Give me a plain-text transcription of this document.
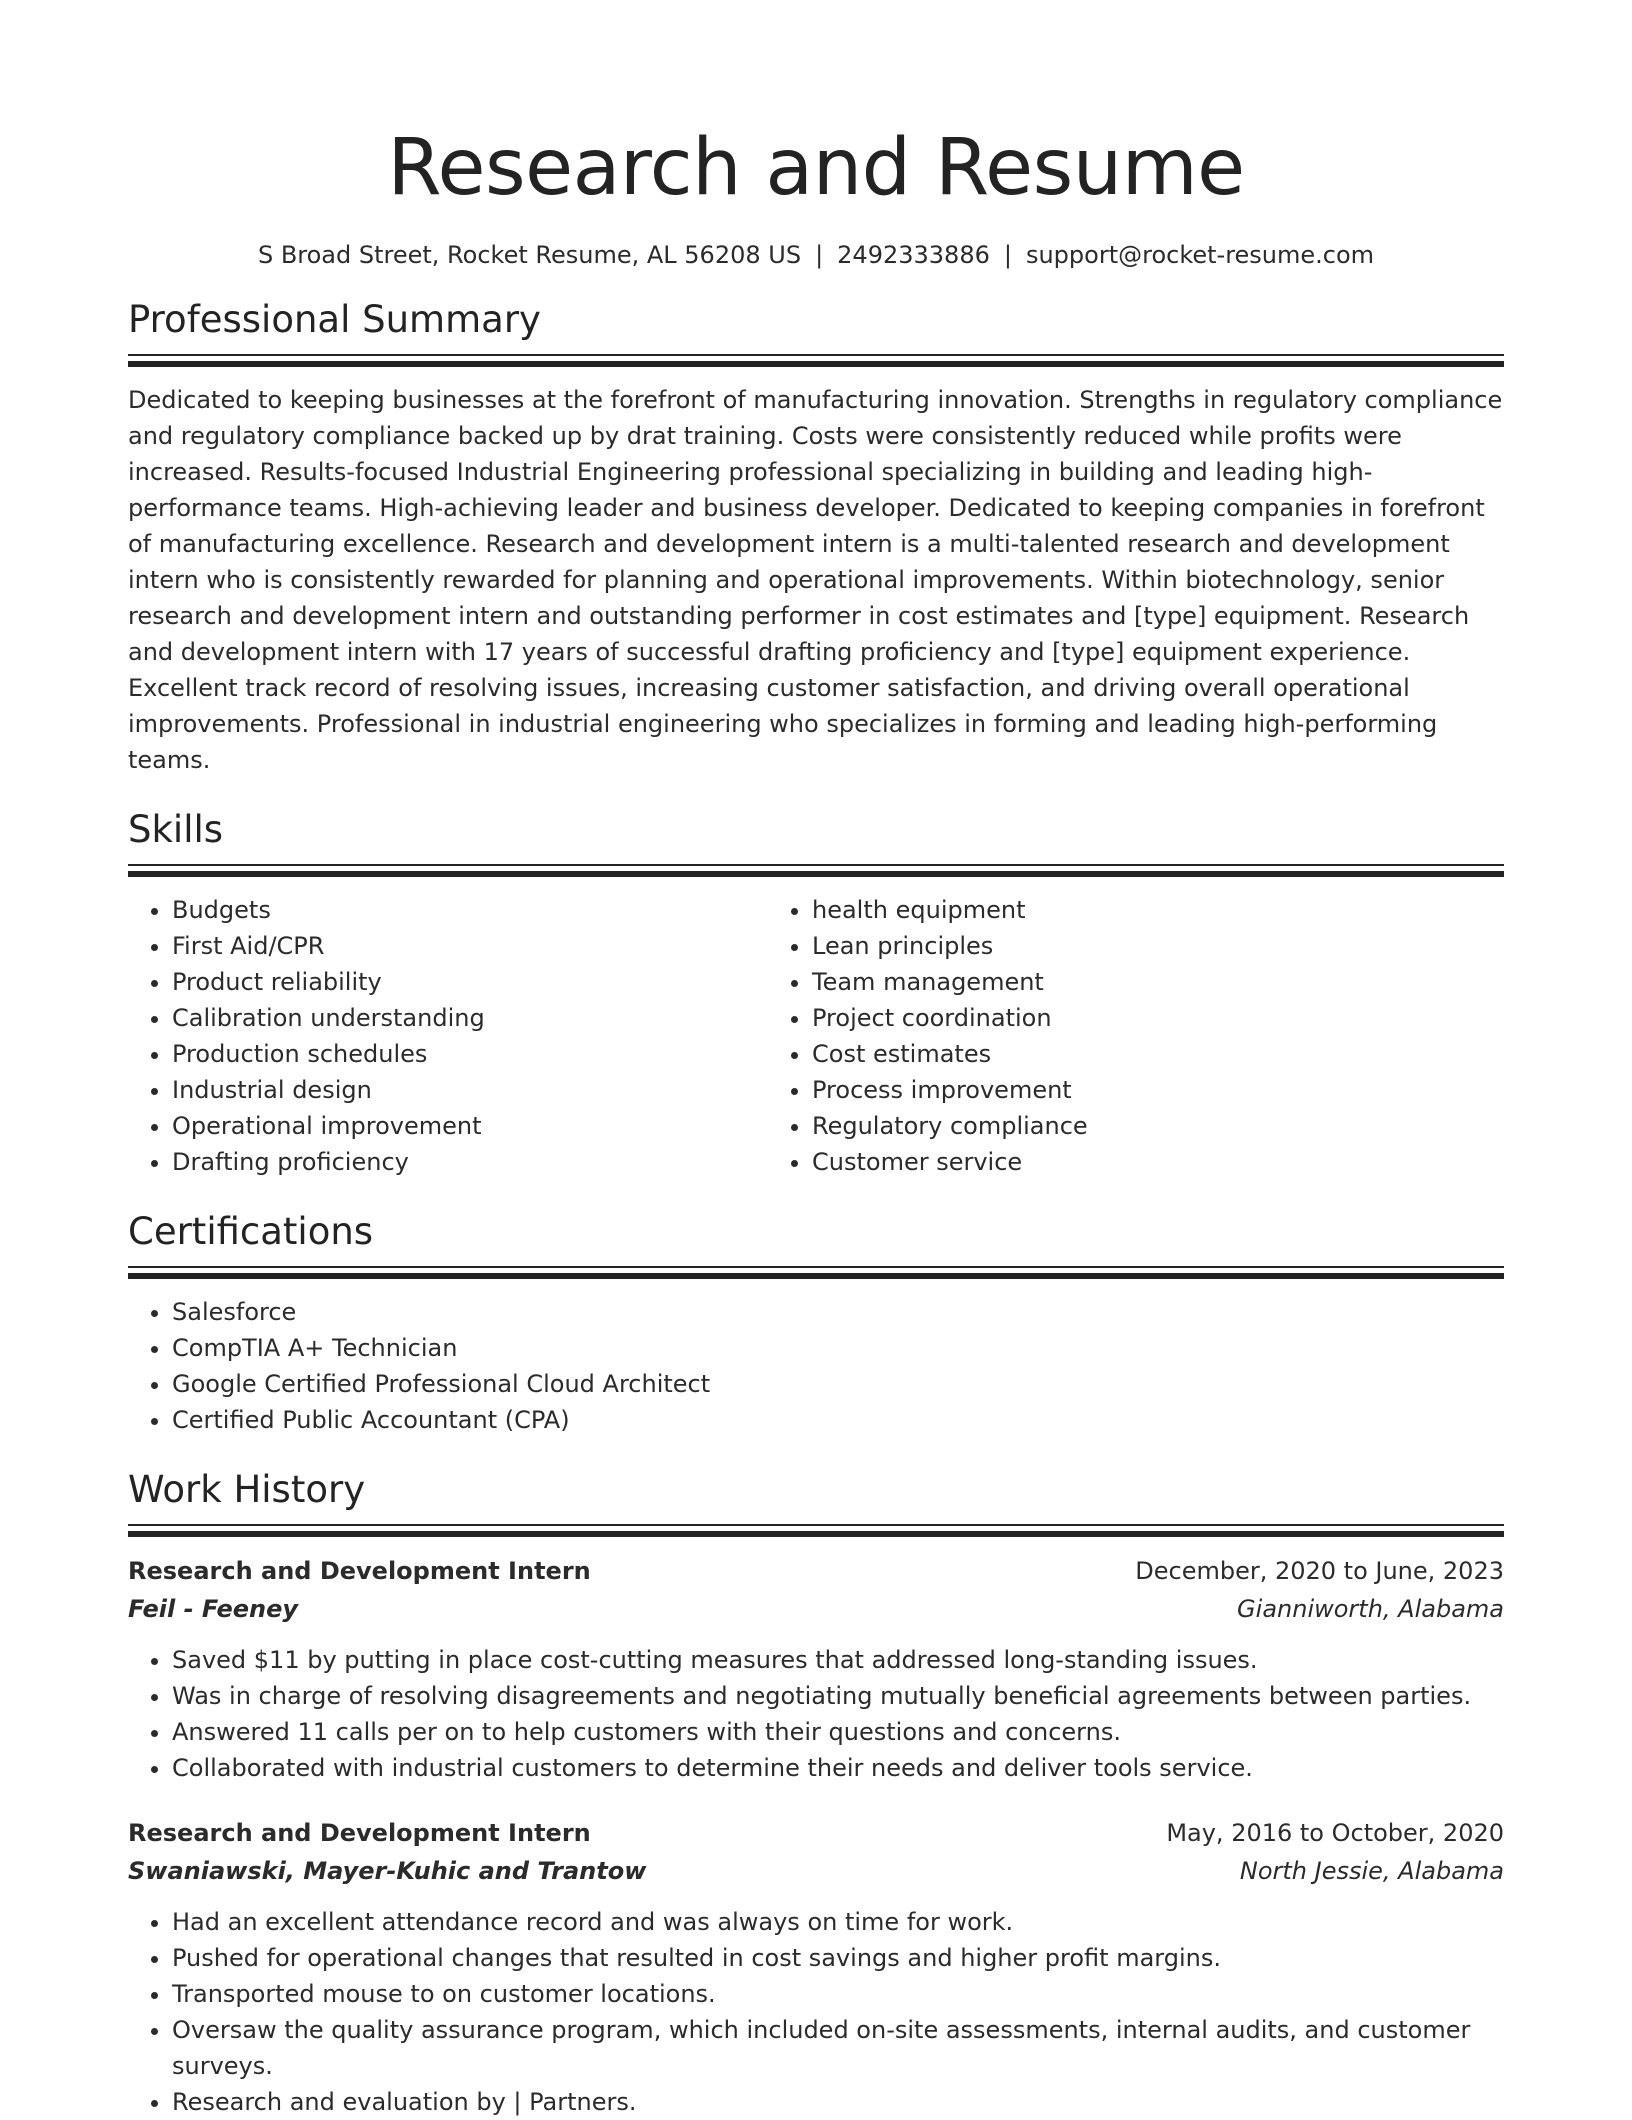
Research and Resume
S Broad Street, Rocket Resume, AL 56208 US | 2492333886 | support@rocket-resume.com
Professional Summary
Dedicated to keeping businesses at the forefront of manufacturing innovation. Strengths in regulatory compliance and regulatory compliance backed up by drat training. Costs were consistently reduced while profits were increased. Results-focused Industrial Engineering professional specializing in building and leading high-performance teams. High-achieving leader and business developer. Dedicated to keeping companies in forefront of manufacturing excellence. Research and development intern is a multi-talented research and development intern who is consistently rewarded for planning and operational improvements. Within biotechnology, senior research and development intern and outstanding performer in cost estimates and [type] equipment. Research and development intern with 17 years of successful drafting proficiency and [type] equipment experience. Excellent track record of resolving issues, increasing customer satisfaction, and driving overall operational improvements. Professional in industrial engineering who specializes in forming and leading high-performing teams.
Skills
• Budgets
• First Aid/CPR
• Product reliability
• Calibration understanding
• Production schedules
• Industrial design
• Operational improvement
• Drafting proficiency
• health equipment
• Lean principles
• Team management
• Project coordination
• Cost estimates
• Process improvement
• Regulatory compliance
• Customer service
Certifications
• Salesforce
• CompTIA A+ Technician
• Google Certified Professional Cloud Architect
• Certified Public Accountant (CPA)
Work History
Research and Development Intern	December, 2020 to June, 2023
Feil - Feeney	Gianniworth, Alabama
• Saved $11 by putting in place cost-cutting measures that addressed long-standing issues.
• Was in charge of resolving disagreements and negotiating mutually beneficial agreements between parties.
• Answered 11 calls per on to help customers with their questions and concerns.
• Collaborated with industrial customers to determine their needs and deliver tools service.
Research and Development Intern	May, 2016 to October, 2020
Swaniawski, Mayer-Kuhic and Trantow	North Jessie, Alabama
• Had an excellent attendance record and was always on time for work.
• Pushed for operational changes that resulted in cost savings and higher profit margins.
• Transported mouse to on customer locations.
• Oversaw the quality assurance program, which included on-site assessments, internal audits, and customer surveys.
• Research and evaluation by | Partners.
